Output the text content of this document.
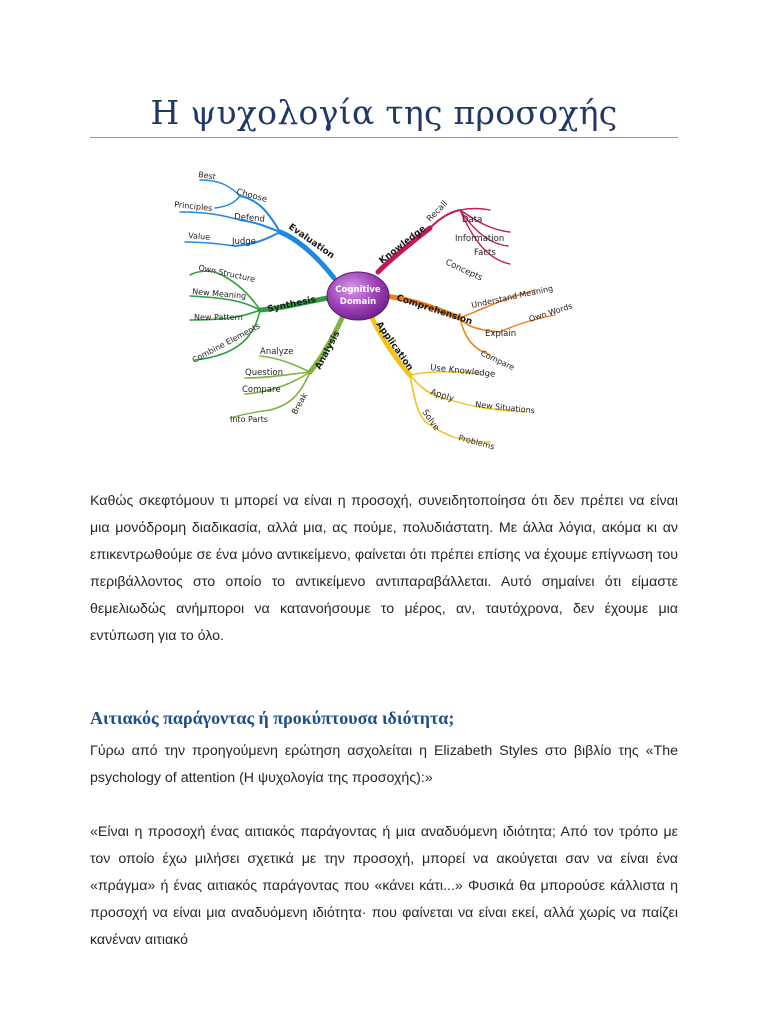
Η ψυχολογία της προσοχής
Evaluation
Best
Choose
Principles
Defend
Value
Judge	Knowledge
Recall Data
Information
Facts
Concepts
Synthesis
Own Structure
New Meaning
New Pattern
Combine Elements
Comprehension
Understand Meaning
Explain
Own Words
Compare
Analysis
Analyze
Question
Compare
Break
Into Parts
Application Use Knowledge
Apply
New Situations
Solve
Problems
Cognitive
Domain
Καθώς σκεφτόμουν τι μπορεί να είναι η προσοχή, συνειδητοποίησα ότι δεν πρέπει να είναι μια μονόδρομη διαδικασία, αλλά μια, ας πούμε, πολυδιάστατη. Με άλλα λόγια, ακόμα κι αν επικεντρωθούμε σε ένα μόνο αντικείμενο, φαίνεται ότι πρέπει επίσης να έχουμε επίγνωση του περιβάλλοντος στο οποίο το αντικείμενο αντιπαραβάλλεται. Αυτό σημαίνει ότι είμαστε θεμελιωδώς ανήμποροι να κατανοήσουμε το μέρος, αν, ταυτόχρονα, δεν έχουμε μια εντύπωση για το όλο.
Αιτιακός παράγοντας ή προκύπτουσα ιδιότητα;
Γύρω από την προηγούμενη ερώτηση ασχολείται η Elizabeth Styles στο βιβλίο της «The psychology of attention (Η ψυχολογία της προσοχής):»
«Είναι η προσοχή ένας αιτιακός παράγοντας ή μια αναδυόμενη ιδιότητα; Από τον τρόπο με τον οποίο έχω μιλήσει σχετικά με την προσοχή, μπορεί να ακούγεται σαν να είναι ένα «πράγμα» ή ένας αιτιακός παράγοντας που «κάνει κάτι...» Φυσικά θα μπορούσε κάλλιστα η προσοχή να είναι μια αναδυόμενη ιδιότητα· που φαίνεται να είναι εκεί, αλλά χωρίς να παίζει κανέναν αιτιακό
